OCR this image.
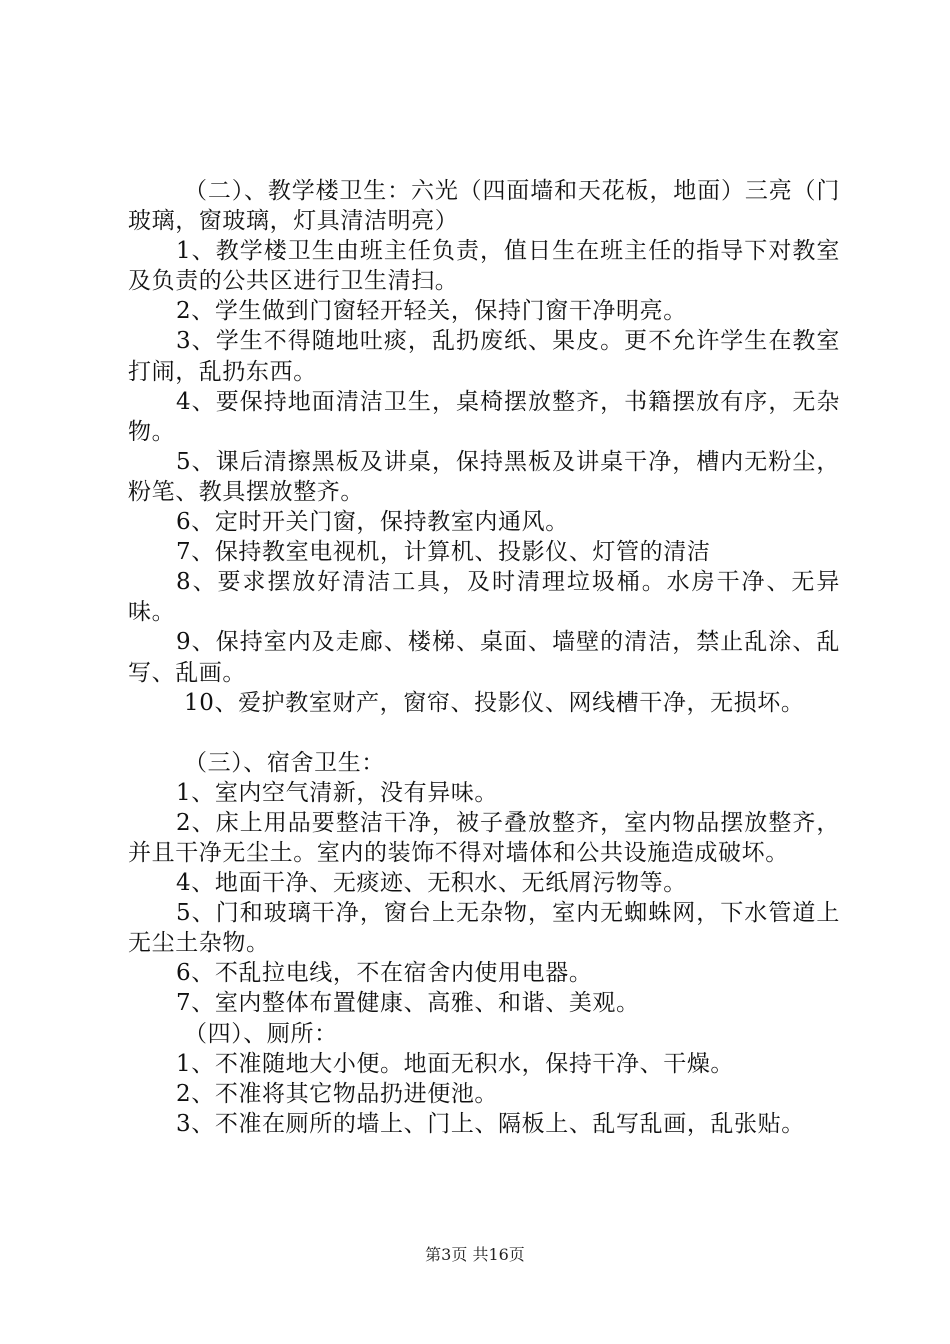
（二）、教学楼卫生：六光（四面墙和天花板，地面）三亮（门玻璃，窗玻璃，灯具清洁明亮）

1、教学楼卫生由班主任负责，值日生在班主任的指导下对教室及负责的公共区进行卫生清扫。

2、学生做到门窗轻开轻关，保持门窗干净明亮。

3、学生不得随地吐痰，乱扔废纸、果皮。更不允许学生在教室打闹，乱扔东西。

4、要保持地面清洁卫生，桌椅摆放整齐，书籍摆放有序，无杂物。

5、课后清擦黑板及讲桌，保持黑板及讲桌干净，槽内无粉尘，粉笔、教具摆放整齐。

6、定时开关门窗，保持教室内通风。

7、保持教室电视机，计算机、投影仪、灯管的清洁

8、要求摆放好清洁工具，及时清理垃圾桶。水房干净、无异味。

9、保持室内及走廊、楼梯、桌面、墙壁的清洁，禁止乱涂、乱写、乱画。

10、爱护教室财产，窗帘、投影仪、网线槽干净，无损坏。

（三）、宿舍卫生：

1、室内空气清新，没有异味。

2、床上用品要整洁干净，被子叠放整齐，室内物品摆放整齐，并且干净无尘土。室内的装饰不得对墙体和公共设施造成破坏。

4、地面干净、无痰迹、无积水、无纸屑污物等。

5、门和玻璃干净，窗台上无杂物，室内无蜘蛛网，下水管道上无尘土杂物。

6、不乱拉电线，不在宿舍内使用电器。

7、室内整体布置健康、高雅、和谐、美观。

（四）、厕所：

1、不准随地大小便。地面无积水，保持干净、干燥。

2、不准将其它物品扔进便池。

3、不准在厕所的墙上、门上、隔板上、乱写乱画，乱张贴。

第3页 共16页
